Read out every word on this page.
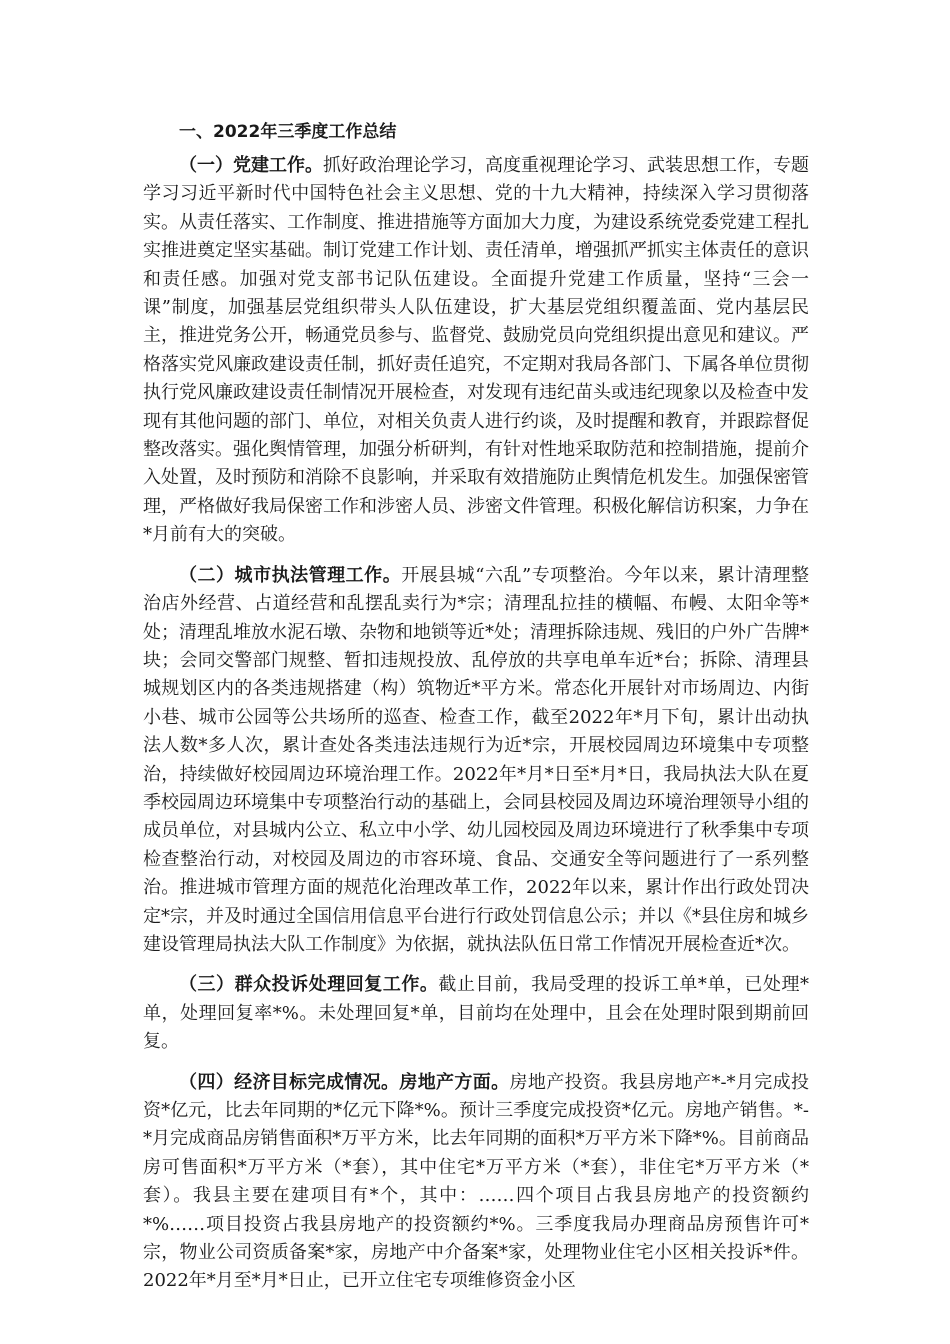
一、2022年三季度工作总结

（一）党建工作。抓好政治理论学习，高度重视理论学习、武装思想工作，专题学习习近平新时代中国特色社会主义思想、党的十九大精神，持续深入学习贯彻落实。从责任落实、工作制度、推进措施等方面加大力度，为建设系统党委党建工程扎实推进奠定坚实基础。制订党建工作计划、责任清单，增强抓严抓实主体责任的意识和责任感。加强对党支部书记队伍建设。全面提升党建工作质量，坚持“三会一课”制度，加强基层党组织带头人队伍建设，扩大基层党组织覆盖面、党内基层民主，推进党务公开，畅通党员参与、监督党、鼓励党员向党组织提出意见和建议。严格落实党风廉政建设责任制，抓好责任追究，不定期对我局各部门、下属各单位贯彻执行党风廉政建设责任制情况开展检查，对发现有违纪苗头或违纪现象以及检查中发现有其他问题的部门、单位，对相关负责人进行约谈，及时提醒和教育，并跟踪督促整改落实。强化舆情管理，加强分析研判，有针对性地采取防范和控制措施，提前介入处置，及时预防和消除不良影响，并采取有效措施防止舆情危机发生。加强保密管理，严格做好我局保密工作和涉密人员、涉密文件管理。积极化解信访积案，力争在*月前有大的突破。

（二）城市执法管理工作。开展县城“六乱”专项整治。今年以来，累计清理整治店外经营、占道经营和乱摆乱卖行为*宗；清理乱拉挂的横幅、布幔、太阳伞等*处；清理乱堆放水泥石墩、杂物和地锁等近*处；清理拆除违规、残旧的户外广告牌*块；会同交警部门规整、暂扣违规投放、乱停放的共享电单车近*台；拆除、清理县城规划区内的各类违规搭建（构）筑物近*平方米。常态化开展针对市场周边、内街小巷、城市公园等公共场所的巡查、检查工作，截至2022年*月下旬，累计出动执法人数*多人次，累计查处各类违法违规行为近*宗，开展校园周边环境集中专项整治，持续做好校园周边环境治理工作。2022年*月*日至*月*日，我局执法大队在夏季校园周边环境集中专项整治行动的基础上，会同县校园及周边环境治理领导小组的成员单位，对县城内公立、私立中小学、幼儿园校园及周边环境进行了秋季集中专项检查整治行动，对校园及周边的市容环境、食品、交通安全等问题进行了一系列整治。推进城市管理方面的规范化治理改革工作，2022年以来，累计作出行政处罚决定*宗，并及时通过全国信用信息平台进行行政处罚信息公示；并以《*县住房和城乡建设管理局执法大队工作制度》为依据，就执法队伍日常工作情况开展检查近*次。

（三）群众投诉处理回复工作。截止目前，我局受理的投诉工单*单，已处理*单，处理回复率*%。未处理回复*单，目前均在处理中，且会在处理时限到期前回复。

（四）经济目标完成情况。房地产方面。房地产投资。我县房地产*-*月完成投资*亿元，比去年同期的*亿元下降*%。预计三季度完成投资*亿元。房地产销售。*-*月完成商品房销售面积*万平方米，比去年同期的面积*万平方米下降*%。目前商品房可售面积*万平方米（*套），其中住宅*万平方米（*套），非住宅*万平方米（*套）。我县主要在建项目有*个，其中：……四个项目占我县房地产的投资额约*%……项目投资占我县房地产的投资额约*%。三季度我局办理商品房预售许可*宗，物业公司资质备案*家，房地产中介备案*家，处理物业住宅小区相关投诉*件。2022年*月至*月*日止，已开立住宅专项维修资金小区
